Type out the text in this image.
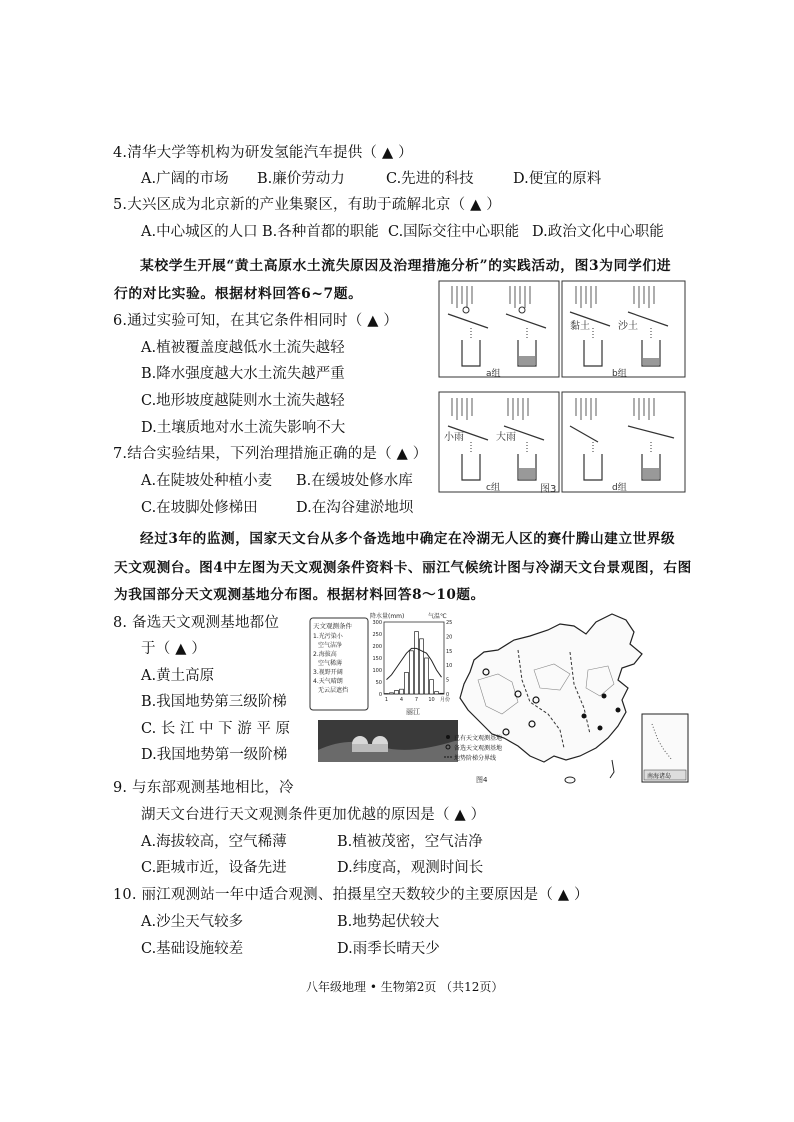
4.清华大学等机构为研发氢能汽车提供（ ▲ ）
A.广阔的市场 B.廉价劳动力	C.先进的科技	D.便宜的原料
5.大兴区成为北京新的产业集聚区，有助于疏解北京（ ▲ ）
A.中心城区的人口 B.各种首都的职能 C.国际交往中心职能 D.政治文化中心职能
某校学生开展“黄土高原水土流失原因及治理措施分析”的实践活动，图3为同学们进
行的对比实验。根据材料回答6~7题。
6.通过实验可知，在其它条件相同时（ ▲ ）
A.植被覆盖度越低水土流失越轻
B.降水强度越大水土流失越严重
C.地形坡度越陡则水土流失越轻
D.土壤质地对水土流失影响不大
7.结合实验结果，下列治理措施正确的是（ ▲ ）
A.在陡坡处种植小麦 B.在缓坡处修水库
C.在坡脚处修梯田	D.在沟谷建淤地坝
a组
黏土	沙土
b组
小雨	大雨
c组	d组
图3
经过3年的监测，国家天文台从多个备选地中确定在冷湖无人区的赛什腾山建立世界级
天文观测台。图4中左图为天文观测条件资料卡、丽江气候统计图与冷湖天文台景观图，右图
为我国部分天文观测基地分布图。根据材料回答8～10题。
8. 备选天文观测基地都位
于（ ▲ ）
A.黄土高原
B.我国地势第三级阶梯
C. 长 江 中 下 游 平 原
D.我国地势第一级阶梯
天文观测条件
1.光污染小
空气洁净
2.海拔高
空气稀薄
3.视野开阔
4.天气晴朗
无云层遮挡
降水量(mm)	气温℃
300
250
200
150
100
50
0
25
20
15
10
5
0
1 4 7 10 月份
丽江
已有天文观测基地
备选天文观测基地
地势阶梯分界线
南海诸岛
图4
9. 与东部观测基地相比，冷
湖天文台进行天文观测条件更加优越的原因是（ ▲ ）
A.海拔较高，空气稀薄	B.植被茂密，空气洁净
C.距城市近，设备先进	D.纬度高，观测时间长
10. 丽江观测站一年中适合观测、拍摄星空天数较少的主要原因是（ ▲ ）
A.沙尘天气较多	B.地势起伏较大
C.基础设施较差	D.雨季长晴天少
八年级地理 • 生物第2页 （共12页）
